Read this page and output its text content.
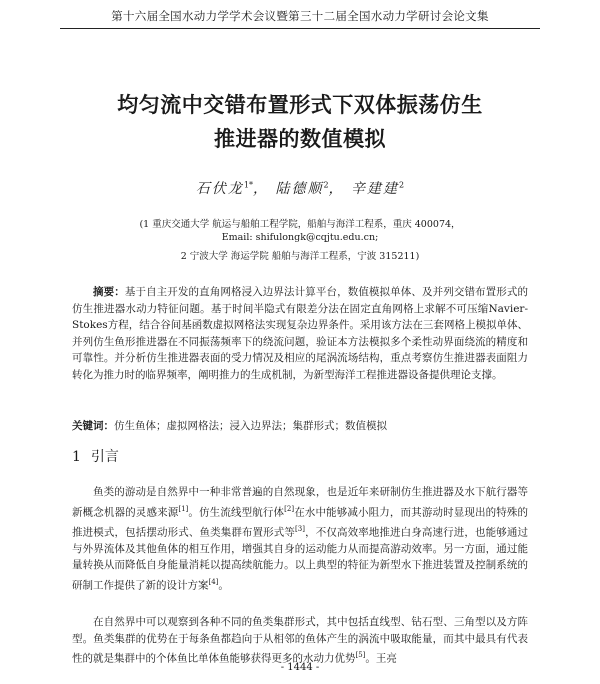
第十六届全国水动力学学术会议暨第三十二届全国水动力学研讨会论文集
均匀流中交错布置形式下双体振荡仿生
推进器的数值模拟
石伏龙$^{1*}$， 陆德顺$^2$， 辛建建$^2$
(1 重庆交通大学 航运与船舶工程学院，船舶与海洋工程系，重庆 400074，
Email: shifulongk@cqjtu.edu.cn;
2 宁波大学 海运学院 船舶与海洋工程系，宁波 315211)

摘要：基于自主开发的直角网格浸入边界法计算平台，数值模拟单体、及并列交错布置形式的仿生推进器水动力特征问题。基于时间半隐式有限差分法在固定直角网格上求解不可压缩Navier-Stokes方程，结合谷间基函数虚拟网格法实现复杂边界条件。采用该方法在三套网格上模拟单体、并列仿生鱼形推进器在不同振荡频率下的绕流问题，验证本方法模拟多个柔性动界面绕流的精度和可靠性。并分析仿生推进器表面的受力情况及相应的尾涡流场结构，重点考察仿生推进器表面阻力转化为推力时的临界频率，阐明推力的生成机制，为新型海洋工程推进器设备提供理论支撑。

关键词：仿生鱼体；虚拟网格法；浸入边界法；集群形式；数值模拟
1 引言

鱼类的游动是自然界中一种非常普遍的自然现象，也是近年来研制仿生推进器及水下航行器等新概念机器的灵感来源[1]。仿生流线型航行体[2]在水中能够减小阻力，而其游动时显现出的特殊的推进模式，包括摆动形式、鱼类集群布置形式等[3]，不仅高效率地推进白身高速行进，也能够通过与外界流体及其他鱼体的相互作用，增强其自身的运动能力从而提高游动效率。另一方面，通过能量转换从而降低自身能量消耗以提高续航能力。以上典型的特征为新型水下推进装置及控制系统的研制工作提供了新的设计方案[4]。

在自然界中可以观察到各种不同的鱼类集群形式，其中包括直线型、钻石型、三角型以及方阵型。鱼类集群的优势在于每条鱼都趋向于从相邻的鱼体产生的涡流中吸取能量，而其中最具有代表性的就是集群中的个体鱼比单体鱼能够获得更多的水动力优势[5]。王亮

- 1444 -
